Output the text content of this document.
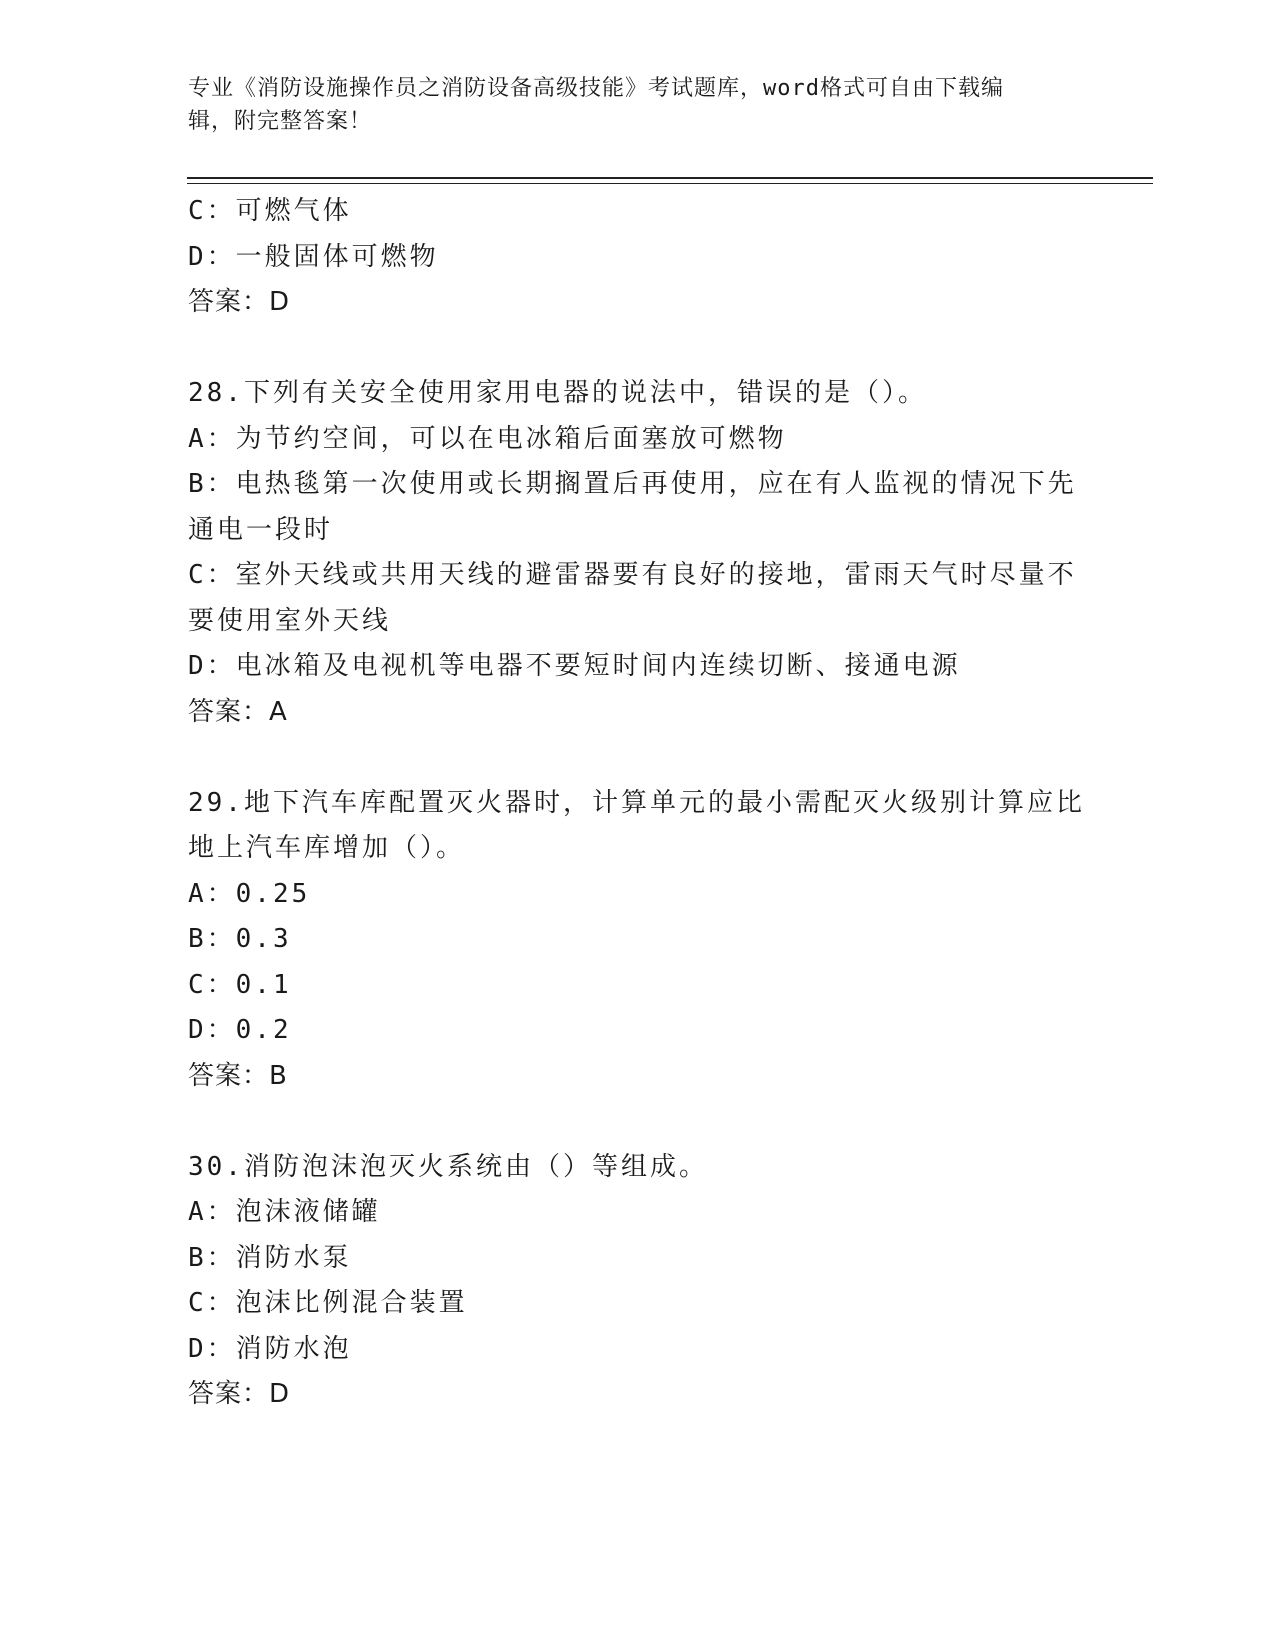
专业《消防设施操作员之消防设备高级技能》考试题库，word格式可自由下载编
辑，附完整答案！
C：可燃气体
D：一般固体可燃物
答案：D
28.下列有关安全使用家用电器的说法中，错误的是（）。
A：为节约空间，可以在电冰箱后面塞放可燃物
B：电热毯第一次使用或长期搁置后再使用，应在有人监视的情况下先
通电一段时
C：室外天线或共用天线的避雷器要有良好的接地，雷雨天气时尽量不
要使用室外天线
D：电冰箱及电视机等电器不要短时间内连续切断、接通电源
答案：A
29.地下汽车库配置灭火器时，计算单元的最小需配灭火级别计算应比
地上汽车库增加（）。
A：0.25
B：0.3
C：0.1
D：0.2
答案：B
30.消防泡沫泡灭火系统由（）等组成。
A：泡沫液储罐
B：消防水泵
C：泡沫比例混合装置
D：消防水泡
答案：D
